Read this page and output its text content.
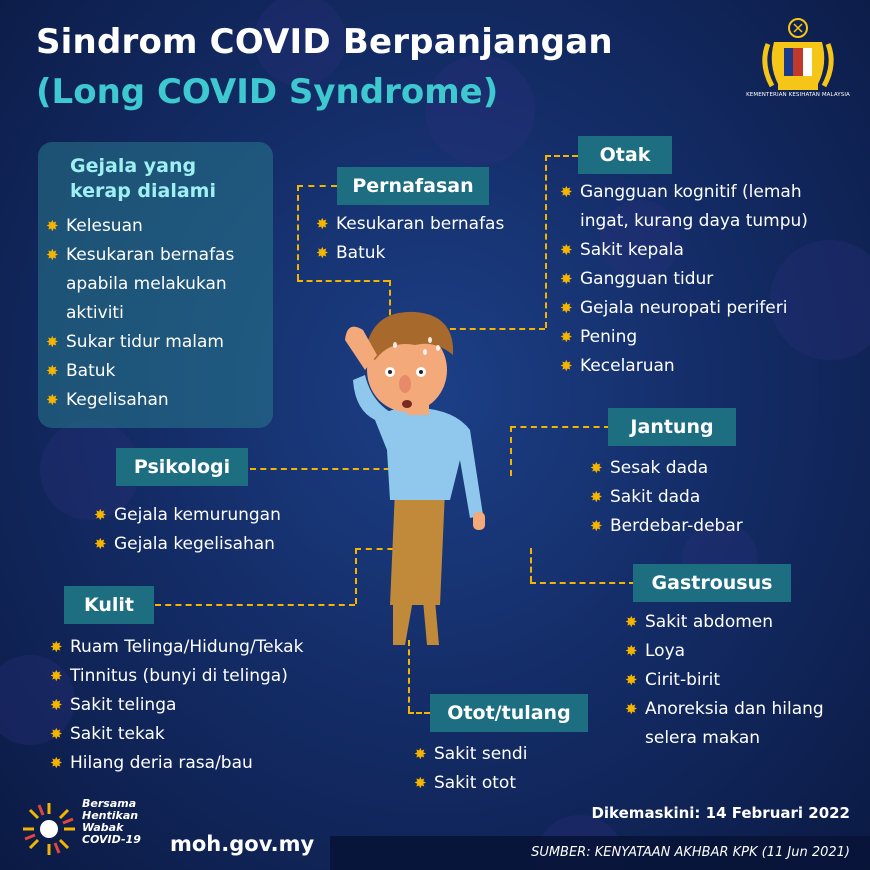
Sindrom COVID Berpanjangan
(Long COVID Syndrome)	KEMENTERIAN KESIHATAN MALAYSIA
Gejala yang kerap dialami
✸ Kelesuan
✸ Kesukaran bernafas apabila melakukan aktiviti
✸ Sukar tidur malam
✸ Batuk
✸ Kegelisahan
Pernafasan
✸ Kesukaran bernafas
✸ Batuk
Otak
✸ Gangguan kognitif (lemah ingat, kurang daya tumpu)
✸ Sakit kepala
✸ Gangguan tidur
✸ Gejala neuropati periferi
✸ Pening
✸ Kecelaruan
Psikologi
✸ Gejala kemurungan
✸ Gejala kegelisahan
Jantung
✸ Sesak dada
✸ Sakit dada
✸ Berdebar-debar
Kulit
✸ Ruam Telinga/Hidung/Tekak
✸ Tinnitus (bunyi di telinga)
✸ Sakit telinga
✸ Sakit tekak
✸ Hilang deria rasa/bau
Gastrousus
✸ Sakit abdomen
✸ Loya
✸ Cirit-birit
✸ Anoreksia dan hilang selera makan
Otot/tulang
✸ Sakit sendi
✸ Sakit otot
Dikemaskini: 14 Februari 2022
SUMBER: KENYATAAN AKHBAR KPK (11 Jun 2021)
Bersama
Hentikan
Wabak
COVID-19 moh.gov.my
